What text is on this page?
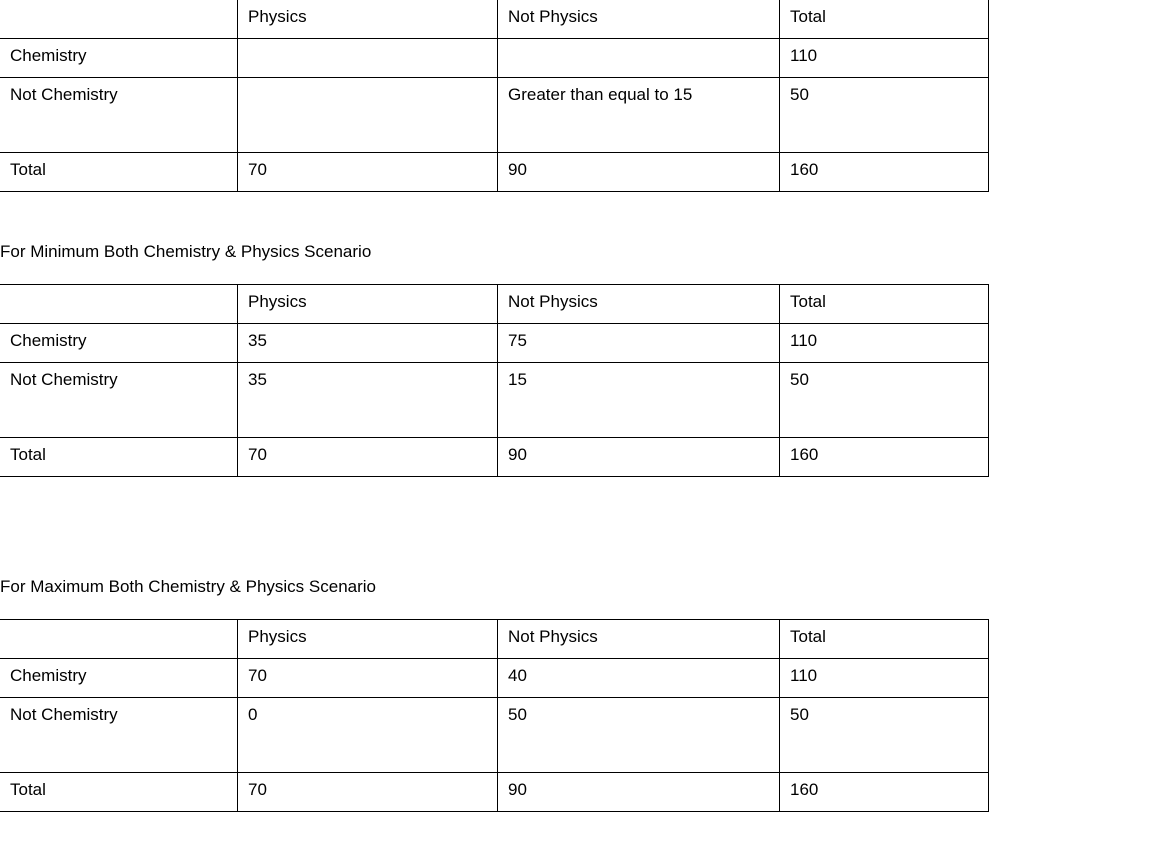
	Physics	Not Physics	Total
Chemistry			110
Not Chemistry		Greater than equal to 15	50
Total	70	90	160
For Minimum Both Chemistry & Physics Scenario
	Physics	Not Physics	Total
Chemistry	35	75	110
Not Chemistry	35	15	50
Total	70	90	160
For Maximum Both Chemistry & Physics Scenario
	Physics	Not Physics	Total
Chemistry	70	40	110
Not Chemistry	0	50	50
Total	70	90	160
